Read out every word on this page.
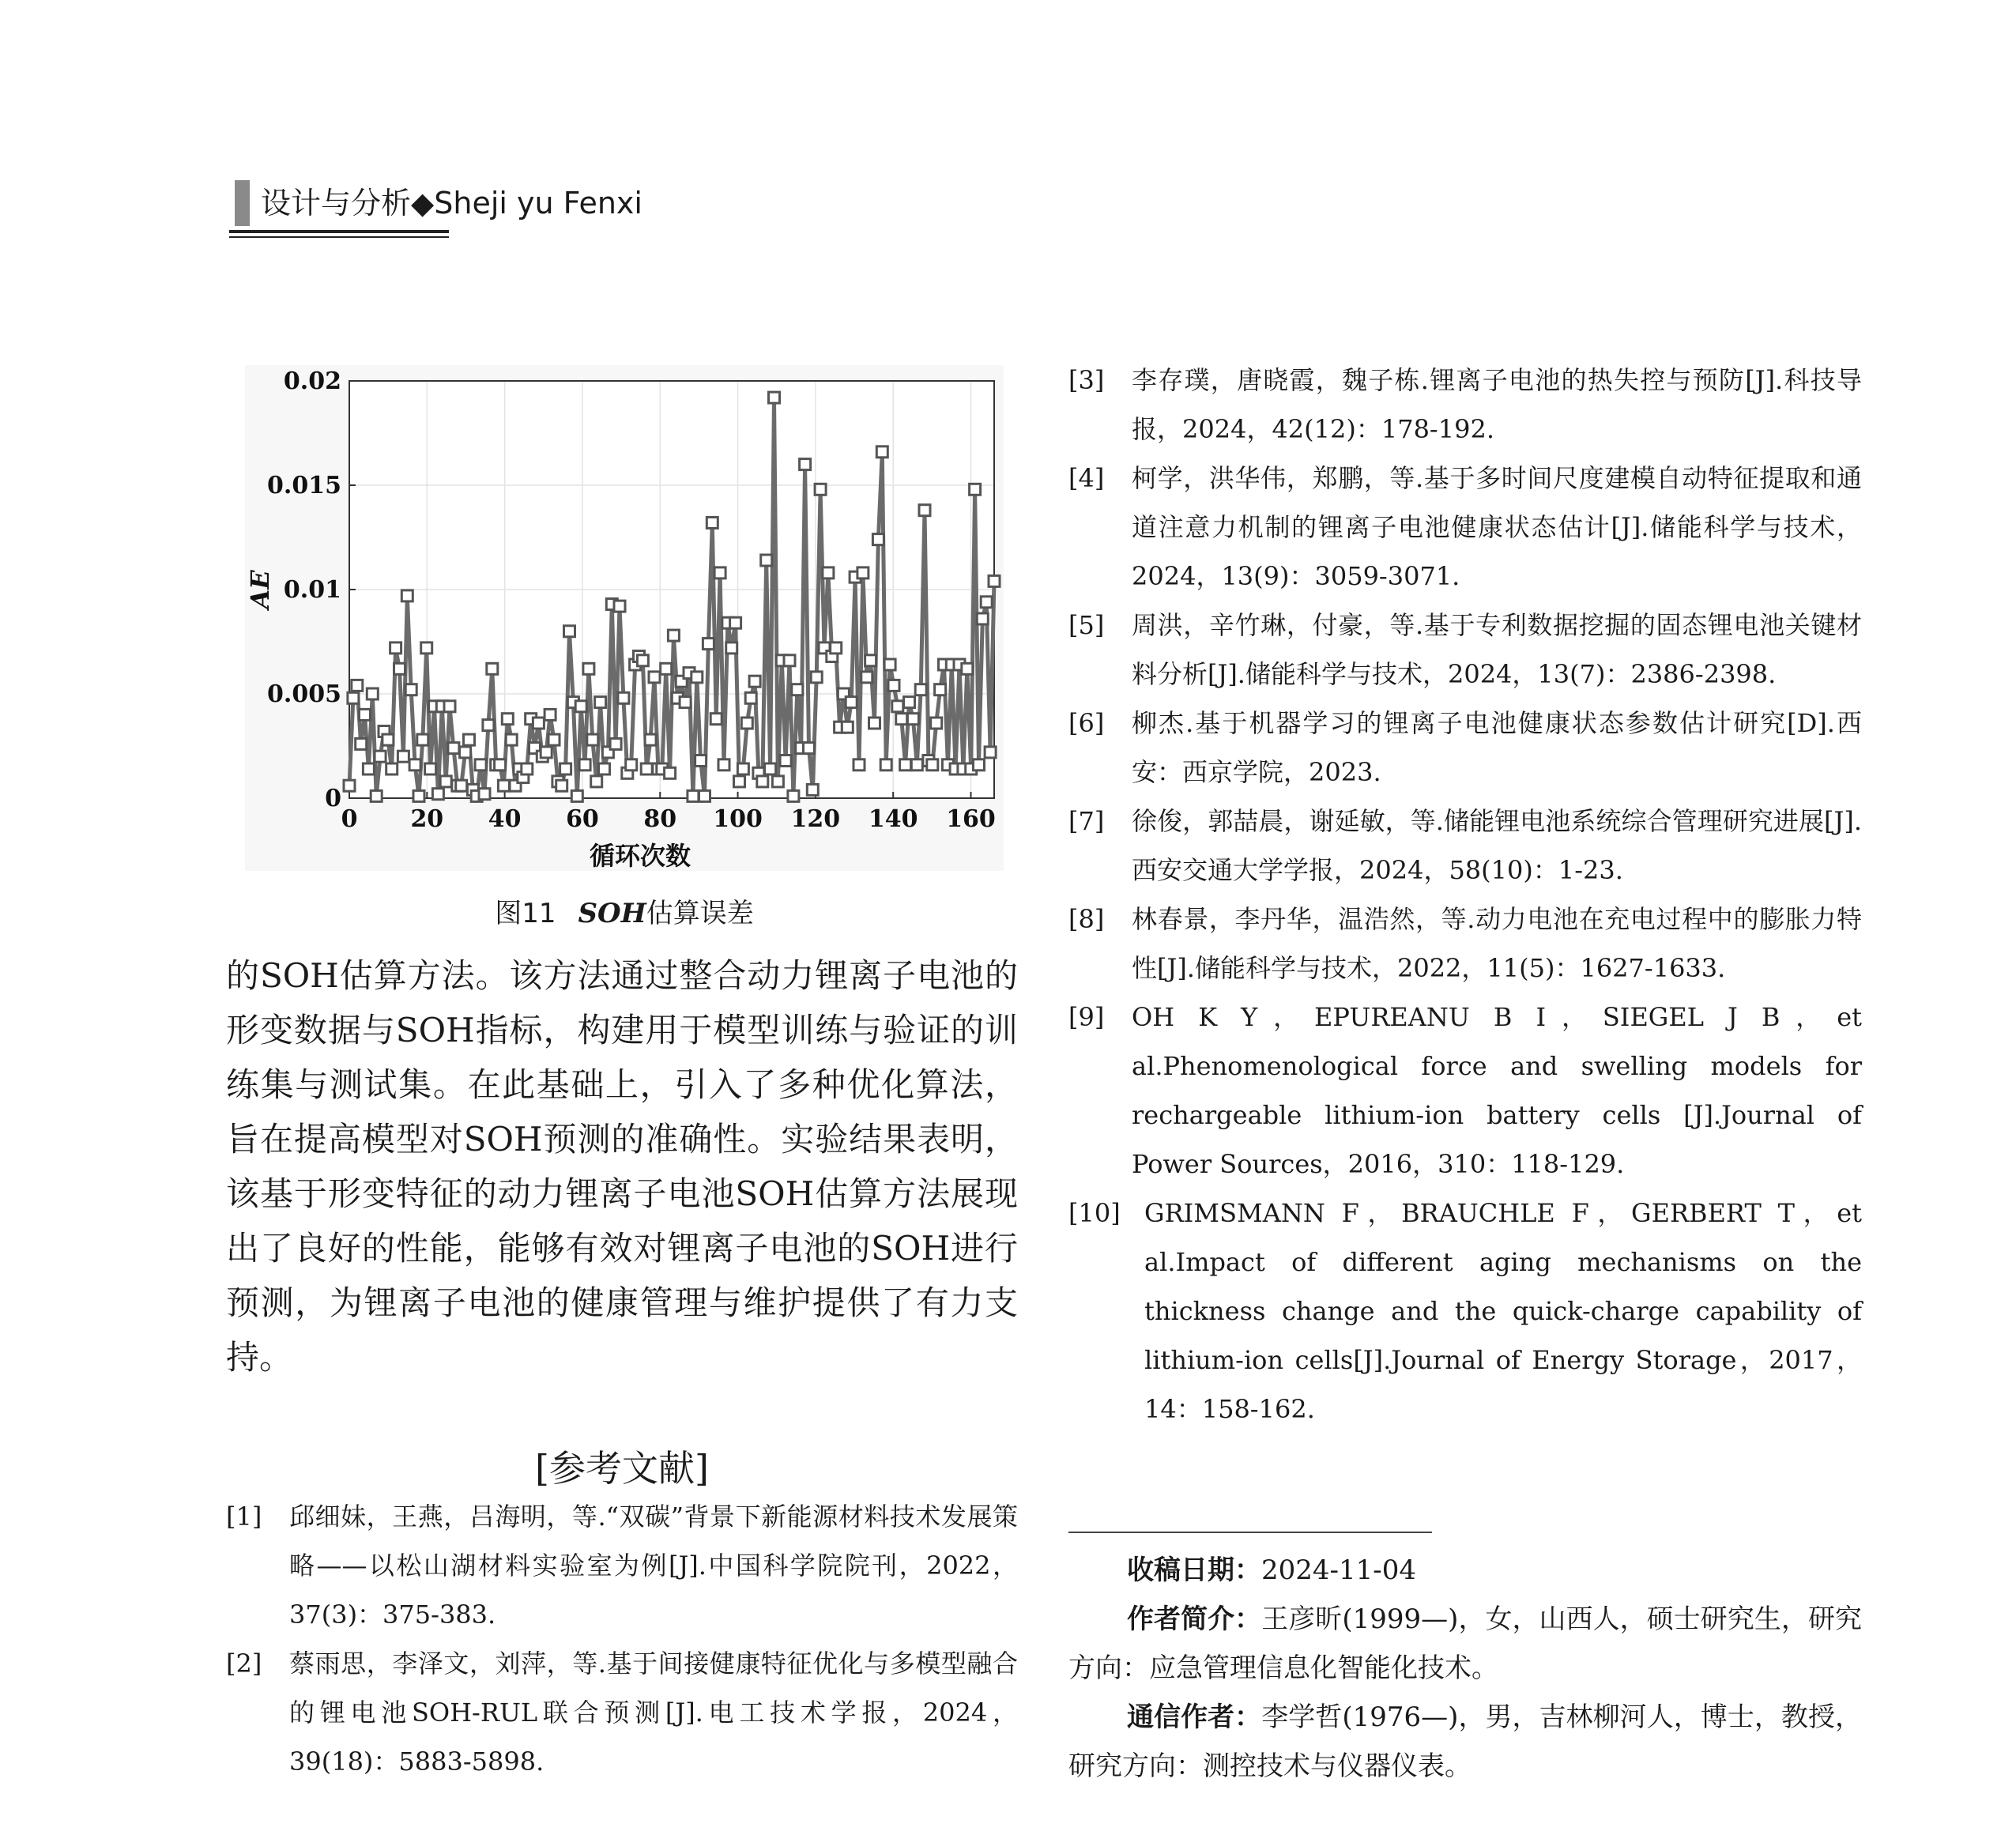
设计与分析◆Sheji yu Fenxi
0 20 40 60 80 100 120 140 160
0
0.005
0.01
0.015
0.02
循环次数
AE
图11 SOH估算误差
的SOH估算方法。该方法通过整合动力锂离子电池的形变数据与SOH指标，构建用于模型训练与验证的训练集与测试集。在此基础上，引入了多种优化算法，旨在提高模型对SOH预测的准确性。实验结果表明，该基于形变特征的动力锂离子电池SOH估算方法展现出了良好的性能，能够有效对锂离子电池的SOH进行预测，为锂离子电池的健康管理与维护提供了有力支持。
[参考文献]
[1]	邱细妹，王燕，吕海明，等.“双碳”背景下新能源材料技术发展策略——以松山湖材料实验室为例[J].中国科学院院刊，2022，37(3)：375-383.
[2]	蔡雨思，李泽文，刘萍，等.基于间接健康特征优化与多模型融合的锂电池SOH-RUL联合预测[J].电工技术学报，2024，39(18)：5883-5898.
[3]	李存璞，唐晓霞，魏子栋.锂离子电池的热失控与预防[J].科技导报，2024，42(12)：178-192.
[4]	柯学，洪华伟，郑鹏，等.基于多时间尺度建模自动特征提取和通道注意力机制的锂离子电池健康状态估计[J].储能科学与技术，2024，13(9)：3059-3071.
[5]	周洪，辛竹琳，付豪，等.基于专利数据挖掘的固态锂电池关键材料分析[J].储能科学与技术，2024，13(7)：2386-2398.
[6]	柳杰.基于机器学习的锂离子电池健康状态参数估计研究[D].西安：西京学院，2023.
[7]	徐俊，郭喆晨，谢延敏，等.储能锂电池系统综合管理研究进展[J].西安交通大学学报，2024，58(10)：1-23.
[8]	林春景，李丹华，温浩然，等.动力电池在充电过程中的膨胀力特性[J].储能科学与技术，2022，11(5)：1627-1633.
[9]	OH K Y，EPUREANU B I，SIEGEL J B，et al.Phenomenological force and swelling models for rechargeable lithium-ion battery cells [J].Journal of Power Sources，2016，310：118-129.
[10] GRIMSMANN F，BRAUCHLE F，GERBERT T，et al.Impact of different aging mechanisms on the thickness change and the quick-charge capability of lithium-ion cells[J].Journal of Energy Storage，2017，14：158-162.

收稿日期：2024-11-04

作者简介：王彦昕(1999—)，女，山西人，硕士研究生，研究方向：应急管理信息化智能化技术。

通信作者：李学哲(1976—)，男，吉林柳河人，博士，教授，研究方向：测控技术与仪器仪表。
